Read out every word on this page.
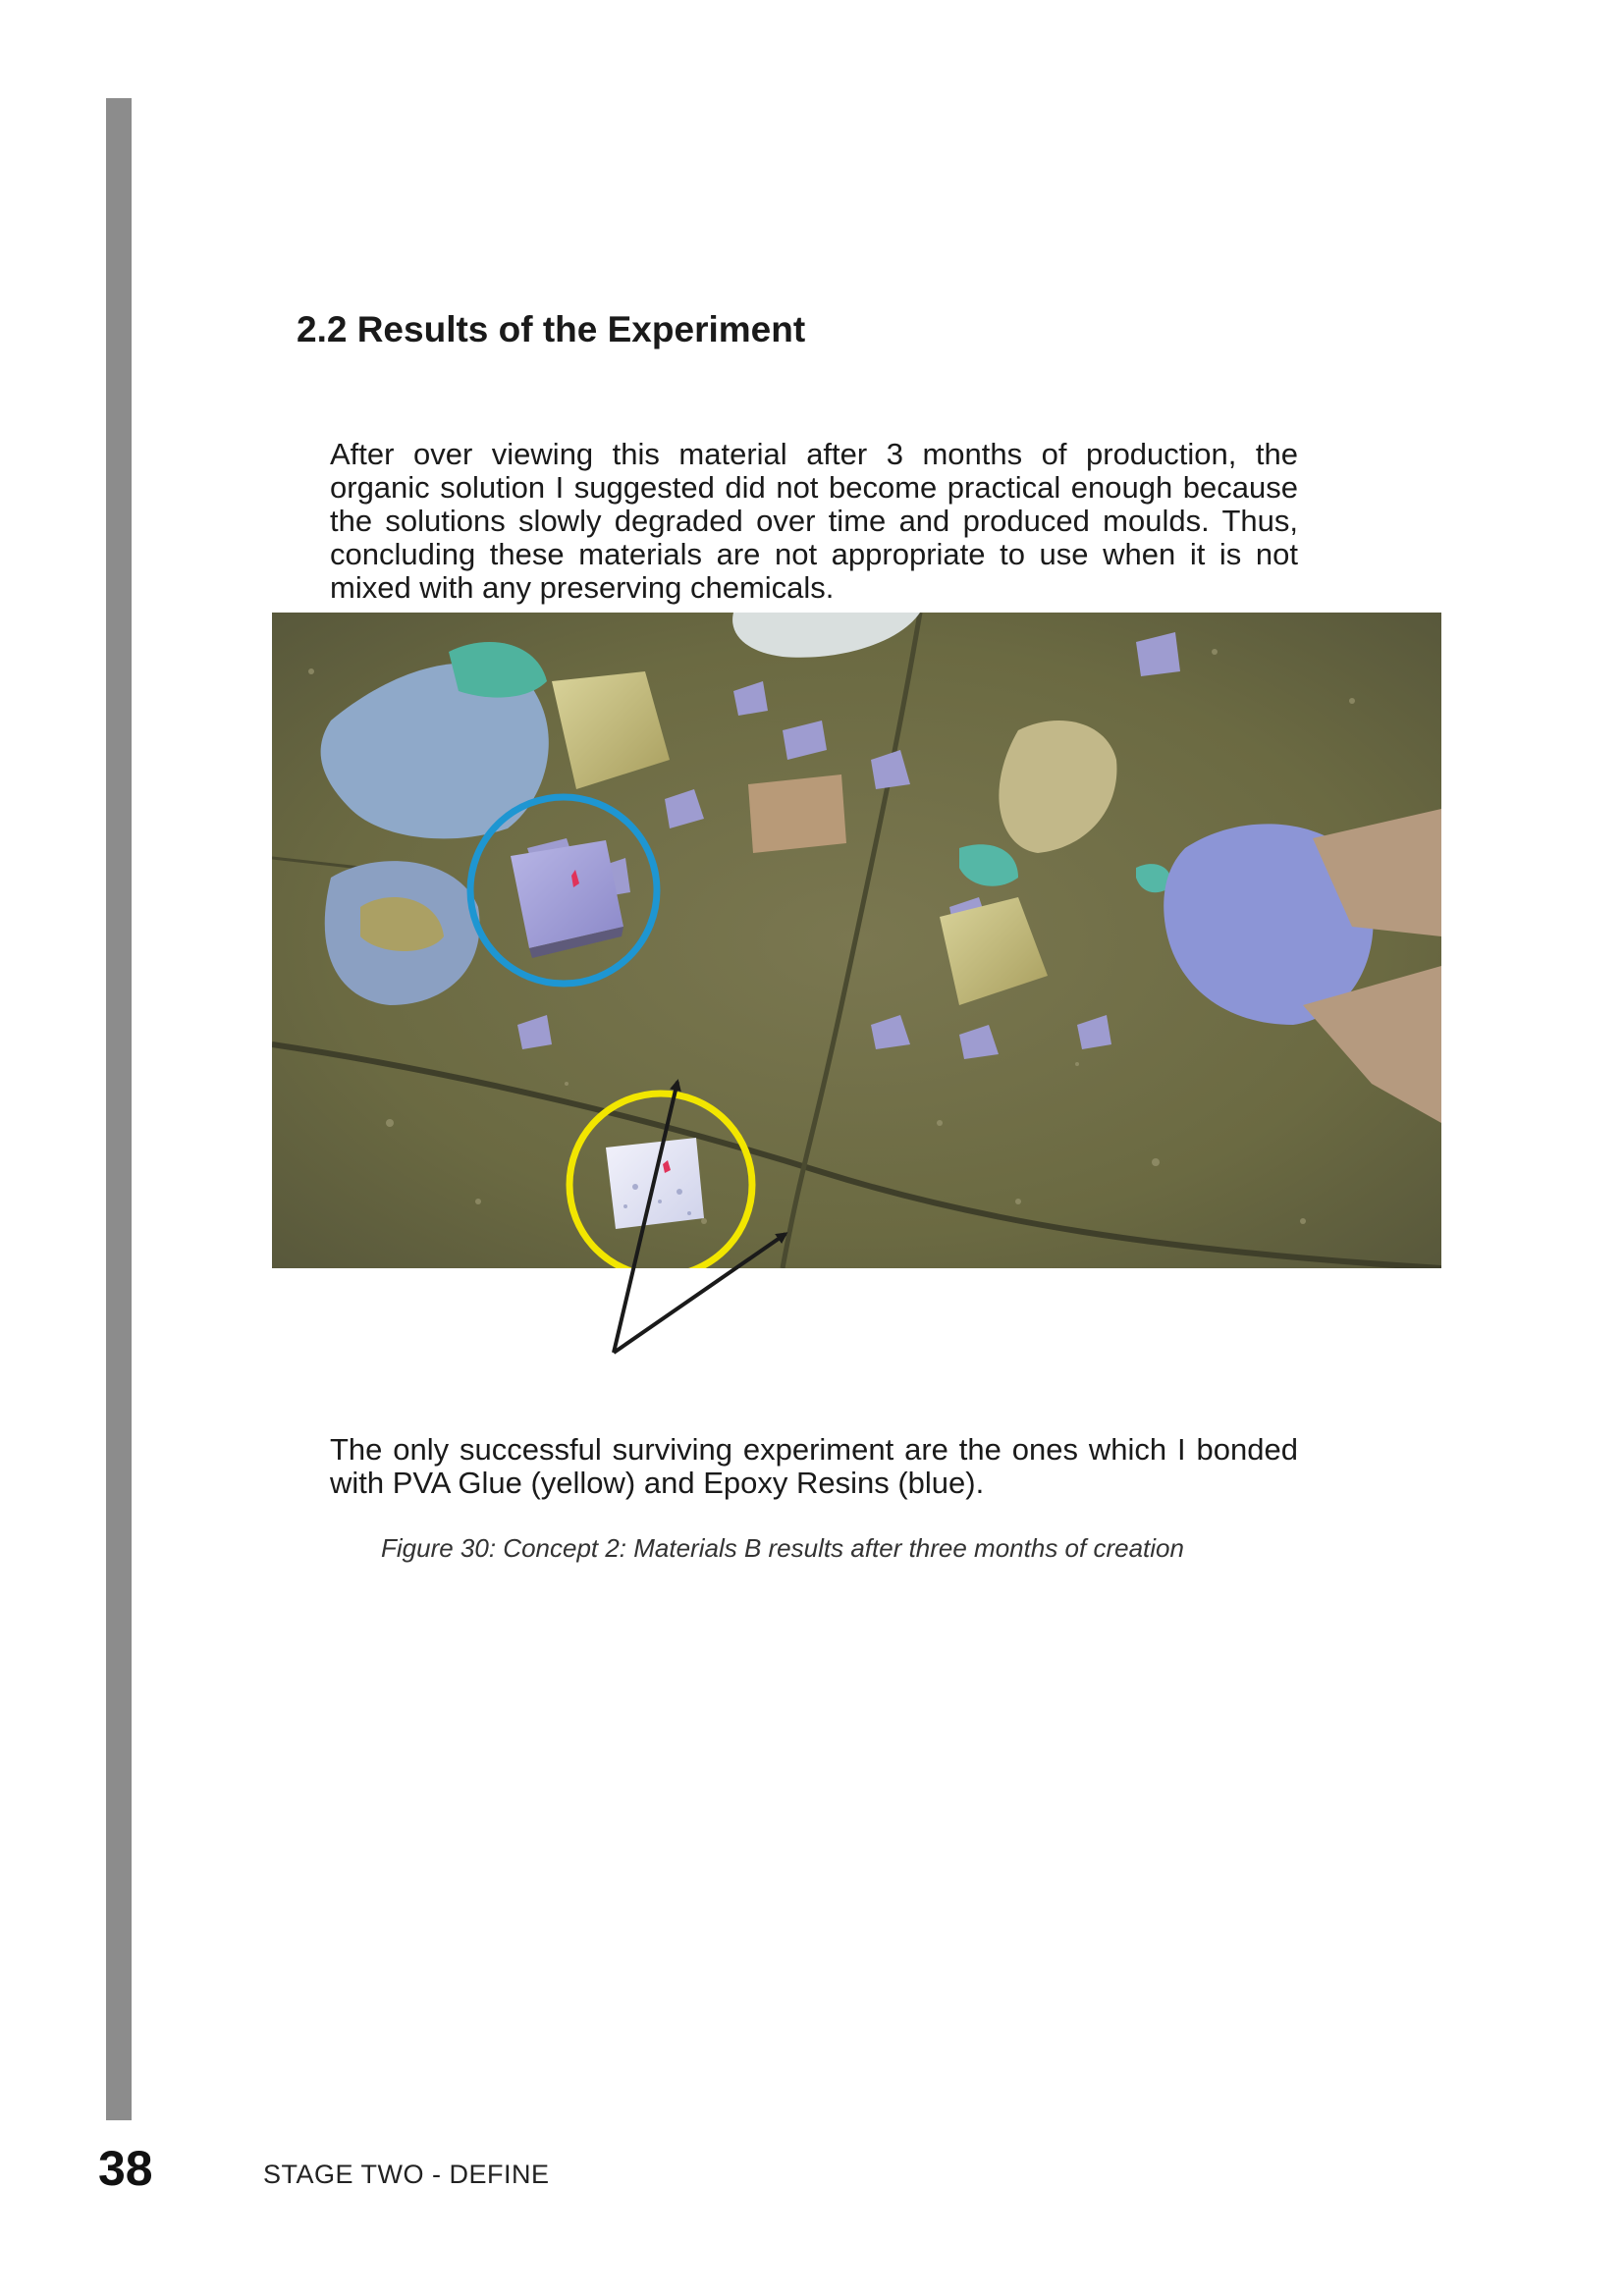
2.2 Results of the Experiment

After over viewing this material after 3 months of production, the organic solution I suggested did not become practical enough because the solutions slowly degraded over time and produced moulds. Thus, concluding these materials are not appropriate to use when it is not mixed with any preserving chemicals.

The only successful surviving experiment are the ones which I bonded with PVA Glue (yellow) and Epoxy Resins (blue).

Figure 30: Concept 2: Materials B results after three months of creation
38	STAGE TWO - DEFINE
